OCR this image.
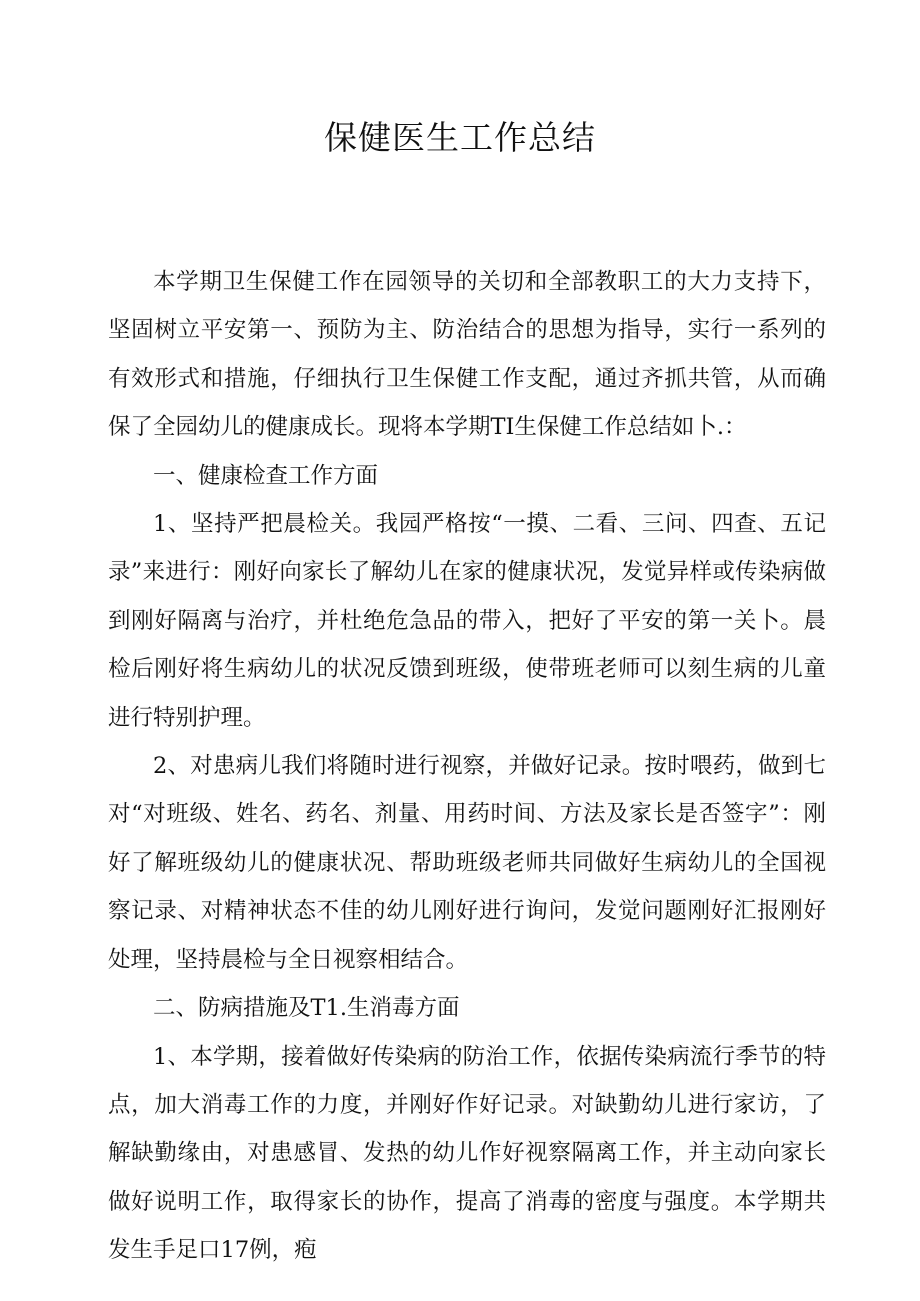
保健医生工作总结

本学期卫生保健工作在园领导的关切和全部教职工的大力支持下，坚固树立平安第一、预防为主、防治结合的思想为指导，实行一系列的有效形式和措施，仔细执行卫生保健工作支配，通过齐抓共管，从而确保了全园幼儿的健康成长。现将本学期TI生保健工作总结如卜.：

一、健康检查工作方面

1、坚持严把晨检关。我园严格按“一摸、二看、三问、四查、五记录”来进行：刚好向家长了解幼儿在家的健康状况，发觉异样或传染病做到刚好隔离与治疗，并杜绝危急品的带入，把好了平安的第一关卜。晨检后刚好将生病幼儿的状况反馈到班级，使带班老师可以刻生病的儿童进行特别护理。

2、对患病儿我们将随时进行视察，并做好记录。按时喂药，做到七对“对班级、姓名、药名、剂量、用药时间、方法及家长是否签字”：刚好了解班级幼儿的健康状况、帮助班级老师共同做好生病幼儿的全国视察记录、对精神状态不佳的幼儿刚好进行询问，发觉问题刚好汇报刚好处理，坚持晨检与全日视察相结合。

二、防病措施及T1.生消毒方面

1、本学期，接着做好传染病的防治工作，依据传染病流行季节的特点，加大消毒工作的力度，并刚好作好记录。对缺勤幼儿进行家访，了解缺勤缘由，对患感冒、发热的幼儿作好视察隔离工作，并主动向家长做好说明工作，取得家长的协作，提高了消毒的密度与强度。本学期共发生手足口17例，疱
